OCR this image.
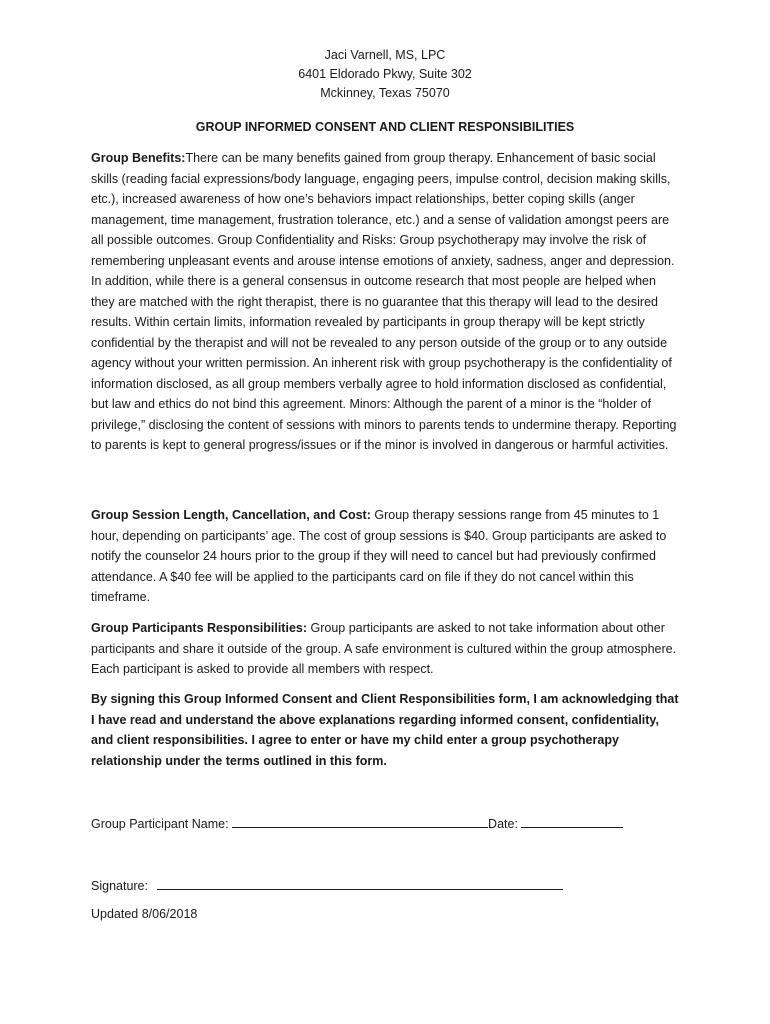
Jaci Varnell, MS, LPC
6401 Eldorado Pkwy, Suite 302
Mckinney, Texas 75070
GROUP INFORMED CONSENT AND CLIENT RESPONSIBILITIES

Group Benefits:There can be many benefits gained from group therapy. Enhancement of basic social skills (reading facial expressions/body language, engaging peers, impulse control, decision making skills, etc.), increased awareness of how one’s behaviors impact relationships, better coping skills (anger management, time management, frustration tolerance, etc.) and a sense of validation amongst peers are all possible outcomes. Group Confidentiality and Risks: Group psychotherapy may involve the risk of remembering unpleasant events and arouse intense emotions of anxiety, sadness, anger and depression. In addition, while there is a general consensus in outcome research that most people are helped when they are matched with the right therapist, there is no guarantee that this therapy will lead to the desired results. Within certain limits, information revealed by participants in group therapy will be kept strictly confidential by the therapist and will not be revealed to any person outside of the group or to any outside agency without your written permission. An inherent risk with group psychotherapy is the confidentiality of information disclosed, as all group members verbally agree to hold information disclosed as confidential, but law and ethics do not bind this agreement. Minors: Although the parent of a minor is the “holder of privilege,” disclosing the content of sessions with minors to parents tends to undermine therapy. Reporting to parents is kept to general progress/issues or if the minor is involved in dangerous or harmful activities.

Group Session Length, Cancellation, and Cost: Group therapy sessions range from 45 minutes to 1 hour, depending on participants’ age. The cost of group sessions is $40. Group participants are asked to notify the counselor 24 hours prior to the group if they will need to cancel but had previously confirmed attendance. A $40 fee will be applied to the participants card on file if they do not cancel within this timeframe.

Group Participants Responsibilities: Group participants are asked to not take information about other participants and share it outside of the group. A safe environment is cultured within the group atmosphere. Each participant is asked to provide all members with respect.

By signing this Group Informed Consent and Client Responsibilities form, I am acknowledging that I have read and understand the above explanations regarding informed consent, confidentiality, and client responsibilities. I agree to enter or have my child enter a group psychotherapy relationship under the terms outlined in this form.

Group Participant Name:	Date:
Signature:
Updated 8/06/2018
